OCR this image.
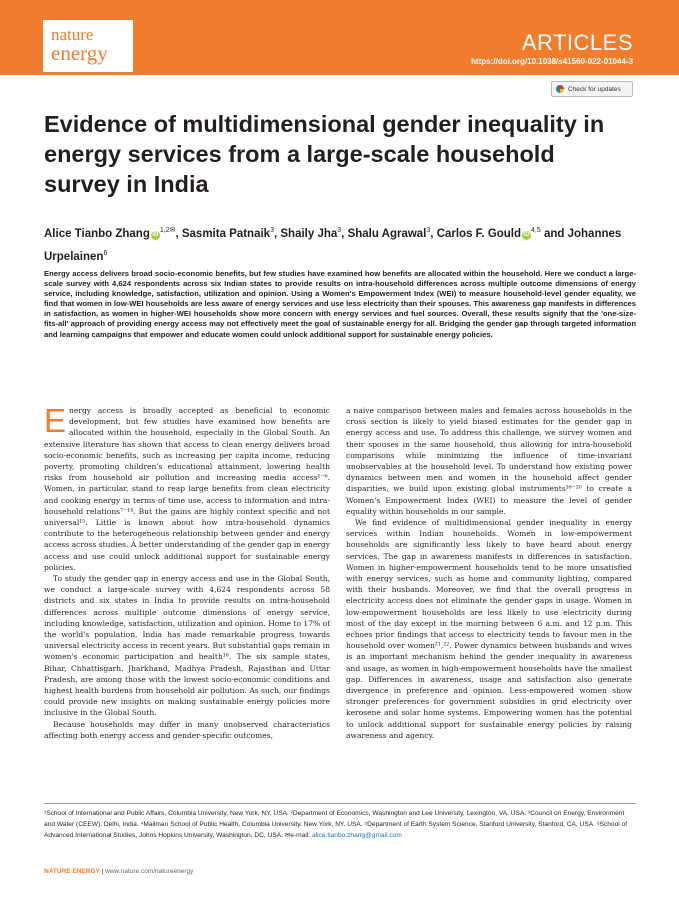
nature
energy	ARTICLES
https://doi.org/10.1038/s41560-022-01044-3
Check for updates
Evidence of multidimensional gender inequality in energy services from a large-scale household survey in India
Alice Tianbo Zhang $iD^{1,2✉}$, Sasmita Patnaik$^3$, Shaily Jha$^3$, Shalu Agrawal$^3$, Carlos F. Gould iD$^{4,5}$ and Johannes Urpelainen$^6$

Energy access delivers broad socio-economic benefits, but few studies have examined how benefits are allocated within the household. Here we conduct a large-scale survey with 4,624 respondents across six Indian states to provide results on intra-household differences across multiple outcome dimensions of energy service, including knowledge, satisfaction, utilization and opinion. Using a Women's Empowerment Index (WEI) to measure household-level gender equality, we find that women in low-WEI households are less aware of energy services and use less electricity than their spouses. This awareness gap manifests in differences in satisfaction, as women in higher-WEI households show more concern with energy services and fuel sources. Overall, these results signify that the 'one-size-fits-all' approach of providing energy access may not effectively meet the goal of sustainable energy for all. Bridging the gender gap through targeted information and learning campaigns that empower and educate women could unlock additional support for sustainable energy policies.

Energy access is broadly accepted as beneficial to economic development, but few studies have examined how benefits are allocated within the household, especially in the Global South. An extensive literature has shown that access to clean energy delivers broad socio-economic benefits, such as increasing per capita income, reducing poverty, promoting children's educational attainment, lowering health risks from household air pollution and increasing media access¹⁻⁶. Women, in particular, stand to reap large benefits from clean electricity and cooking energy in terms of time use, access to information and intra-household relations⁷⁻¹⁴. But the gains are highly context specific and not universal¹⁵. Little is known about how intra-household dynamics contribute to the heterogeneous relationship between gender and energy access across studies. A better understanding of the gender gap in energy access and use could unlock additional support for sustainable energy policies.

To study the gender gap in energy access and use in the Global South, we conduct a large-scale survey with 4,624 respondents across 58 districts and six states in India to provide results on intra-household differences across multiple outcome dimensions of energy service, including knowledge, satisfaction, utilization and opinion. Home to 17% of the world's population, India has made remarkable progress towards universal electricity access in recent years. But substantial gaps remain in women's economic participation and health¹⁶. The six sample states, Bihar, Chhattisgarh, Jharkhand, Madhya Pradesh, Rajasthan and Uttar Pradesh, are among those with the lowest socio-economic conditions and highest health burdens from household air pollution. As such, our findings could provide new insights on making sustainable energy policies more inclusive in the Global South.

Because households may differ in many unobserved characteristics affecting both energy access and gender-specific outcomes,

a naive comparison between males and females across households in the cross section is likely to yield biased estimates for the gender gap in energy access and use. To address this challenge, we survey women and their spouses in the same household, thus allowing for intra-household comparisons while minimizing the influence of time-invariant unobservables at the household level. To understand how existing power dynamics between men and women in the household affect gender disparities, we build upon existing global instruments¹⁶⁻²⁰ to create a Women's Empowerment Index (WEI) to measure the level of gender equality within households in our sample.

We find evidence of multidimensional gender inequality in energy services within Indian households. Women in low-empowerment households are significantly less likely to have heard about energy services. The gap in awareness manifests in differences in satisfaction. Women in higher-empowerment households tend to be more unsatisfied with energy services, such as home and community lighting, compared with their husbands. Moreover, we find that the overall progress in electricity access does not eliminate the gender gaps in usage. Women in low-empowerment households are less likely to use electricity during most of the day except in the morning between 6 a.m. and 12 p.m. This echoes prior findings that access to electricity tends to favour men in the household over women²¹,²². Power dynamics between husbands and wives is an important mechanism behind the gender inequality in awareness and usage, as women in high-empowerment households have the smallest gap. Differences in awareness, usage and satisfaction also generate divergence in preference and opinion. Less-empowered women show stronger preferences for government subsidies in grid electricity over kerosene and solar home systems. Empowering women has the potential to unlock additional support for sustainable energy policies by raising awareness and agency.

¹School of International and Public Affairs, Columbia University, New York, NY, USA. ²Department of Economics, Washington and Lee University, Lexington, VA, USA. ³Council on Energy, Environment and Water (CEEW), Delhi, India. ⁴Mailman School of Public Health, Columbia University, New York, NY, USA. ⁵Department of Earth System Science, Stanford University, Stanford, CA, USA. ⁶School of Advanced International Studies, Johns Hopkins University, Washington, DC, USA. ✉e-mail: alice.tianbo.zhang@gmail.com
NATURE ENERGY | www.nature.com/natureenergy
